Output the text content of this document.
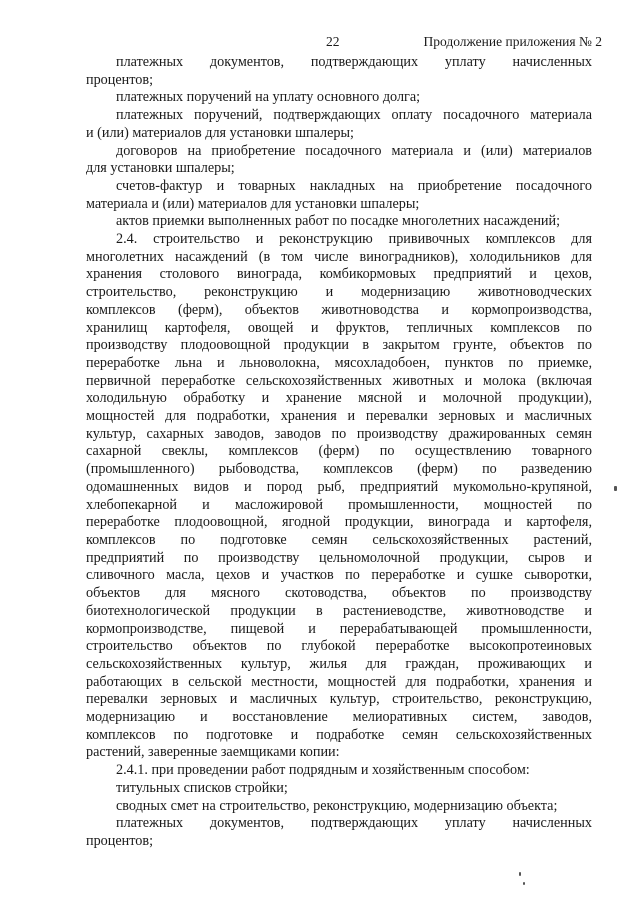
22	Продолжение приложения № 2
платежных документов, подтверждающих уплату начисленных
процентов;

платежных поручений на уплату основного долга;

платежных поручений, подтверждающих оплату посадочного материала
и (или) материалов для установки шпалеры;
договоров на приобретение посадочного материала и (или) материалов
для установки шпалеры;
счетов-фактур и товарных накладных на приобретение посадочного
материала и (или) материалов для установки шпалеры;

актов приемки выполненных работ по посадке многолетних насаждений;

2.4. строительство и реконструкцию прививочных комплексов для
многолетних насаждений (в том числе виноградников), холодильников для
хранения столового винограда, комбикормовых предприятий и цехов,
строительство, реконструкцию и модернизацию животноводческих
комплексов (ферм), объектов животноводства и кормопроизводства,
хранилищ картофеля, овощей и фруктов, тепличных комплексов по
производству плодоовощной продукции в закрытом грунте, объектов по
переработке льна и льноволокна, мясохладобоен, пунктов по приемке,
первичной переработке сельскохозяйственных животных и молока (включая
холодильную обработку и хранение мясной и молочной продукции),
мощностей для подработки, хранения и перевалки зерновых и масличных
культур, сахарных заводов, заводов по производству дражированных семян
сахарной свеклы, комплексов (ферм) по осуществлению товарного
(промышленного) рыбоводства, комплексов (ферм) по разведению
одомашненных видов и пород рыб, предприятий мукомольно-крупяной,
хлебопекарной и масложировой промышленности, мощностей по
переработке плодоовощной, ягодной продукции, винограда и картофеля,
комплексов по подготовке семян сельскохозяйственных растений,
предприятий по производству цельномолочной продукции, сыров и
сливочного масла, цехов и участков по переработке и сушке сыворотки,
объектов для мясного скотоводства, объектов по производству
биотехнологической продукции в растениеводстве, животноводстве и
кормопроизводстве, пищевой и перерабатывающей промышленности,
строительство объектов по глубокой переработке высокопротеиновых
сельскохозяйственных культур, жилья для граждан, проживающих и
работающих в сельской местности, мощностей для подработки, хранения и
перевалки зерновых и масличных культур, строительство, реконструкцию,
модернизацию и восстановление мелиоративных систем, заводов,
комплексов по подготовке и подработке семян сельскохозяйственных
растений, заверенные заемщиками копии:

2.4.1. при проведении работ подрядным и хозяйственным способом:

титульных списков стройки;

сводных смет на строительство, реконструкцию, модернизацию объекта;

платежных документов, подтверждающих уплату начисленных
процентов;
